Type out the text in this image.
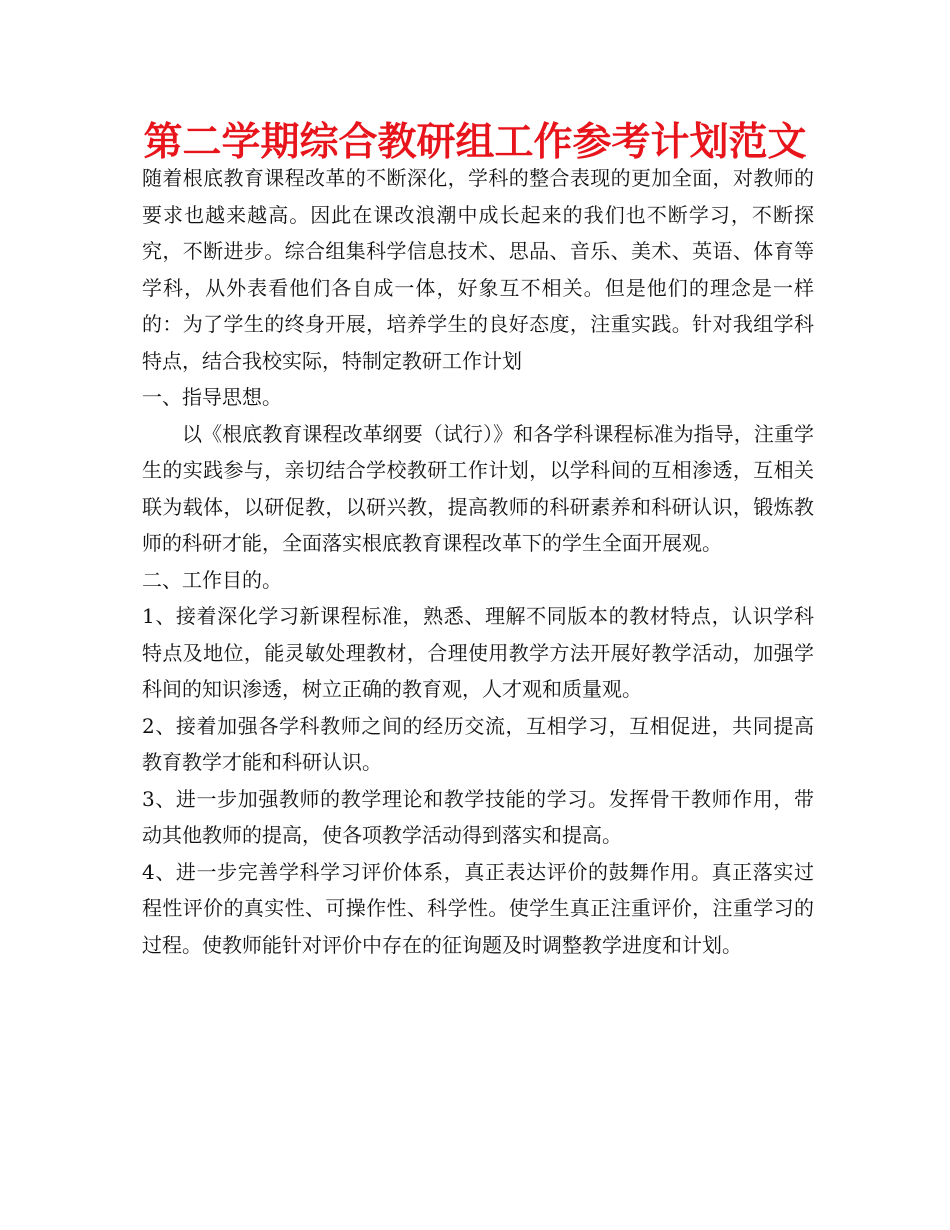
第二学期综合教研组工作参考计划范文

随着根底教育课程改革的不断深化，学科的整合表现的更加全面，对教师的要求也越来越高。因此在课改浪潮中成长起来的我们也不断学习，不断探究，不断进步。综合组集科学信息技术、思品、音乐、美术、英语、体育等学科，从外表看他们各自成一体，好象互不相关。但是他们的理念是一样的：为了学生的终身开展，培养学生的良好态度，注重实践。针对我组学科特点，结合我校实际，特制定教研工作计划

一、指导思想。

以《根底教育课程改革纲要（试行）》和各学科课程标准为指导，注重学生的实践参与，亲切结合学校教研工作计划，以学科间的互相渗透，互相关联为载体，以研促教，以研兴教，提高教师的科研素养和科研认识，锻炼教师的科研才能，全面落实根底教育课程改革下的学生全面开展观。

二、工作目的。

1、接着深化学习新课程标准，熟悉、理解不同版本的教材特点，认识学科特点及地位，能灵敏处理教材，合理使用教学方法开展好教学活动，加强学科间的知识渗透，树立正确的教育观，人才观和质量观。

2、接着加强各学科教师之间的经历交流，互相学习，互相促进，共同提高教育教学才能和科研认识。

3、进一步加强教师的教学理论和教学技能的学习。发挥骨干教师作用，带动其他教师的提高，使各项教学活动得到落实和提高。

4、进一步完善学科学习评价体系，真正表达评价的鼓舞作用。真正落实过程性评价的真实性、可操作性、科学性。使学生真正注重评价，注重学习的过程。使教师能针对评价中存在的征询题及时调整教学进度和计划。
